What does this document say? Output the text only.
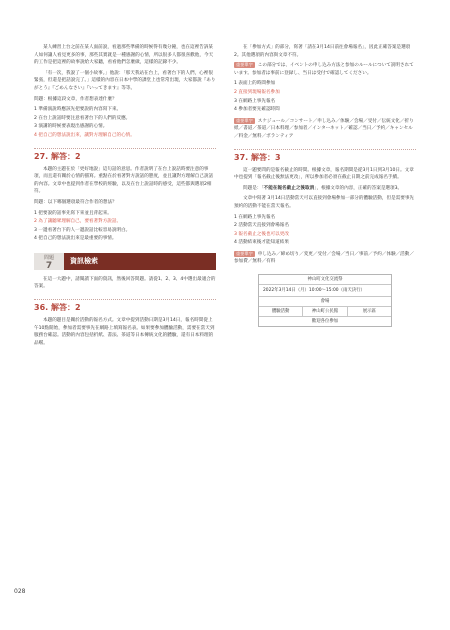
某人練習上台之前在某人面前說，看過那些準備的時候得有幾分鐘，也在這裡告訴某人如何讓人看見更多的事，那些其實就是一種感謝的心情，所以很多人都很喜歡他，今天的工作是把這裡的故事說給大家聽，看看他們怎麼做，這樣的記錄不少。

「有一次，我說了一個小故事。」他說：「那天我站在台上，看著台下的人們，心裡很緊張，但還是把話說完了。」這樣的內容在日本中學的課堂上也常常出現，大家都說『ありがとう』『ごめんなさい』『いってきます』等等。

問題：根據這段文章，作者想表達什麼？

1 準備演說時應該先把要說的內容寫下來。
2 在台上說話時要注意看著台下的人們的反應。
3 演講的時候要表現出感謝的心情。
4 把自己的想法說出來，讓對方理解自己的心情。
27. 解答：2

本題的主題在於「更好地說」這句話的意思。作者說明了在台上說話時要注意的事項，而且還有關於心情的描寫。重點在於看著對方說話的態度，並且讓對方理解自己說話的內容。文章中也提到作者在學校的經驗，以及在台上說話時的感受，這些都與選項2相符。

問題：以下哪個選項最符合作者的想法？

1 把要說的話事先寫下來並且背起來。
2 為了讓聽眾理解自己，要看著對方說話。
3 一邊看著台下的人一邊說話比較容易說明白。
4 把自己的想法說出來是最重要的事情。
問題
7	資訊檢索

在這一大題中，請閱讀下面的資訊，然後回答問題。請從1、2、3、4中選出最適合的答案。

36. 解答：2

本題的題目是關於活動的報名方式。文章中提到活動日期是3月14日，報名時間從上午10點開始，參加者需要事先在網路上填寫報名表。如果要參加體驗活動，需要在當天到服務台確認。活動的內容包括折紙、書法、茶道等日本傳統文化的體驗，還有日本料理的品嚐。

在「參加方式」的部分，寫著「請在3月14日前往會場報名」，因此正確答案是選項2。其他選項的內容與文章不符。

重要單字 この部分では、イベントの申し込み方法と参加のルールについて説明されています。参加者は事前に登録し、当日は受付で確認してください。

1 表面上的時間參加
2 直接到現場報名參加
3 在網路上事先報名
4 參加者要先確認時間

重要單字 スケジュール／コンサート／申し込み／体験／会場／受付／伝統文化／折り紙／書道／茶道／日本料理／参加者／インターネット／確認／当日／予約／キャンセル／料金／無料／ボランティア

37. 解答：3

這一題要問的是報名截止的時間。根據文章，報名期間是從3月1日到3月10日。文章中也提到「報名截止後無法更改」，所以參加者必須在截止日期之前完成報名手續。

問題是：「不能在報名截止之後取消」，根據文章的內容，正確的答案是選項3。

文章中寫著 3月14日活動當天可以直接到會場參加一部分的體驗活動，但是需要事先預約的活動不能在當天報名。

1 在網路上事先報名
2 活動當天直接到會場報名
3 報名截止之後也可以更改
4 活動結束後才能知道結果

重要單字 申し込み／締め切り／変更／受付／会場／当日／事前／予約／体験／活動／参加費／無料／有料

神山町文化交流祭
2022年3月14日（月）10:00～15:00（雨天決行）
會場
體驗活動	神山町公民館	展示區
歡迎各位參加
028
